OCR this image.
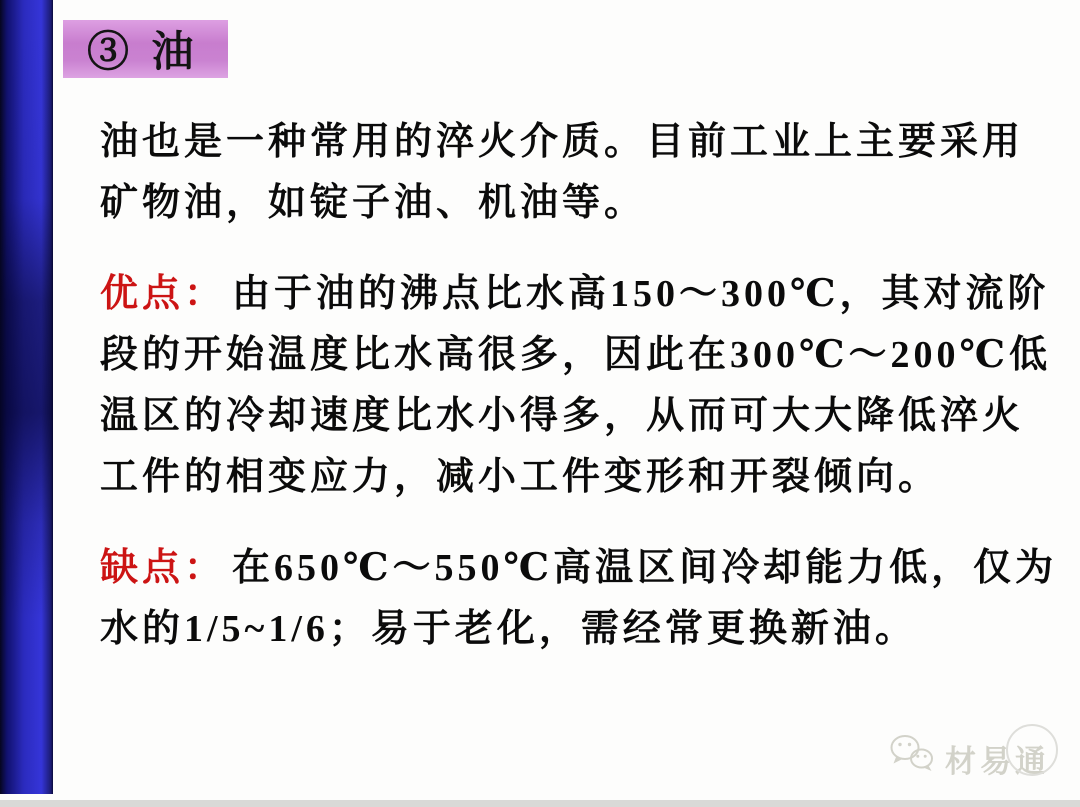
③ 油
油也是一种常用的淬火介质。目前工业上主要采用
矿物油，如锭子油、机油等。
优点： 由于油的沸点比水高150～300℃，其对流阶
段的开始温度比水高很多，因此在300℃～200℃低
温区的冷却速度比水小得多，从而可大大降低淬火
工件的相变应力，减小工件变形和开裂倾向。
缺点： 在650℃～550℃高温区间冷却能力低，仅为
水的1/5~1/6；易于老化，需经常更换新油。
材易通
